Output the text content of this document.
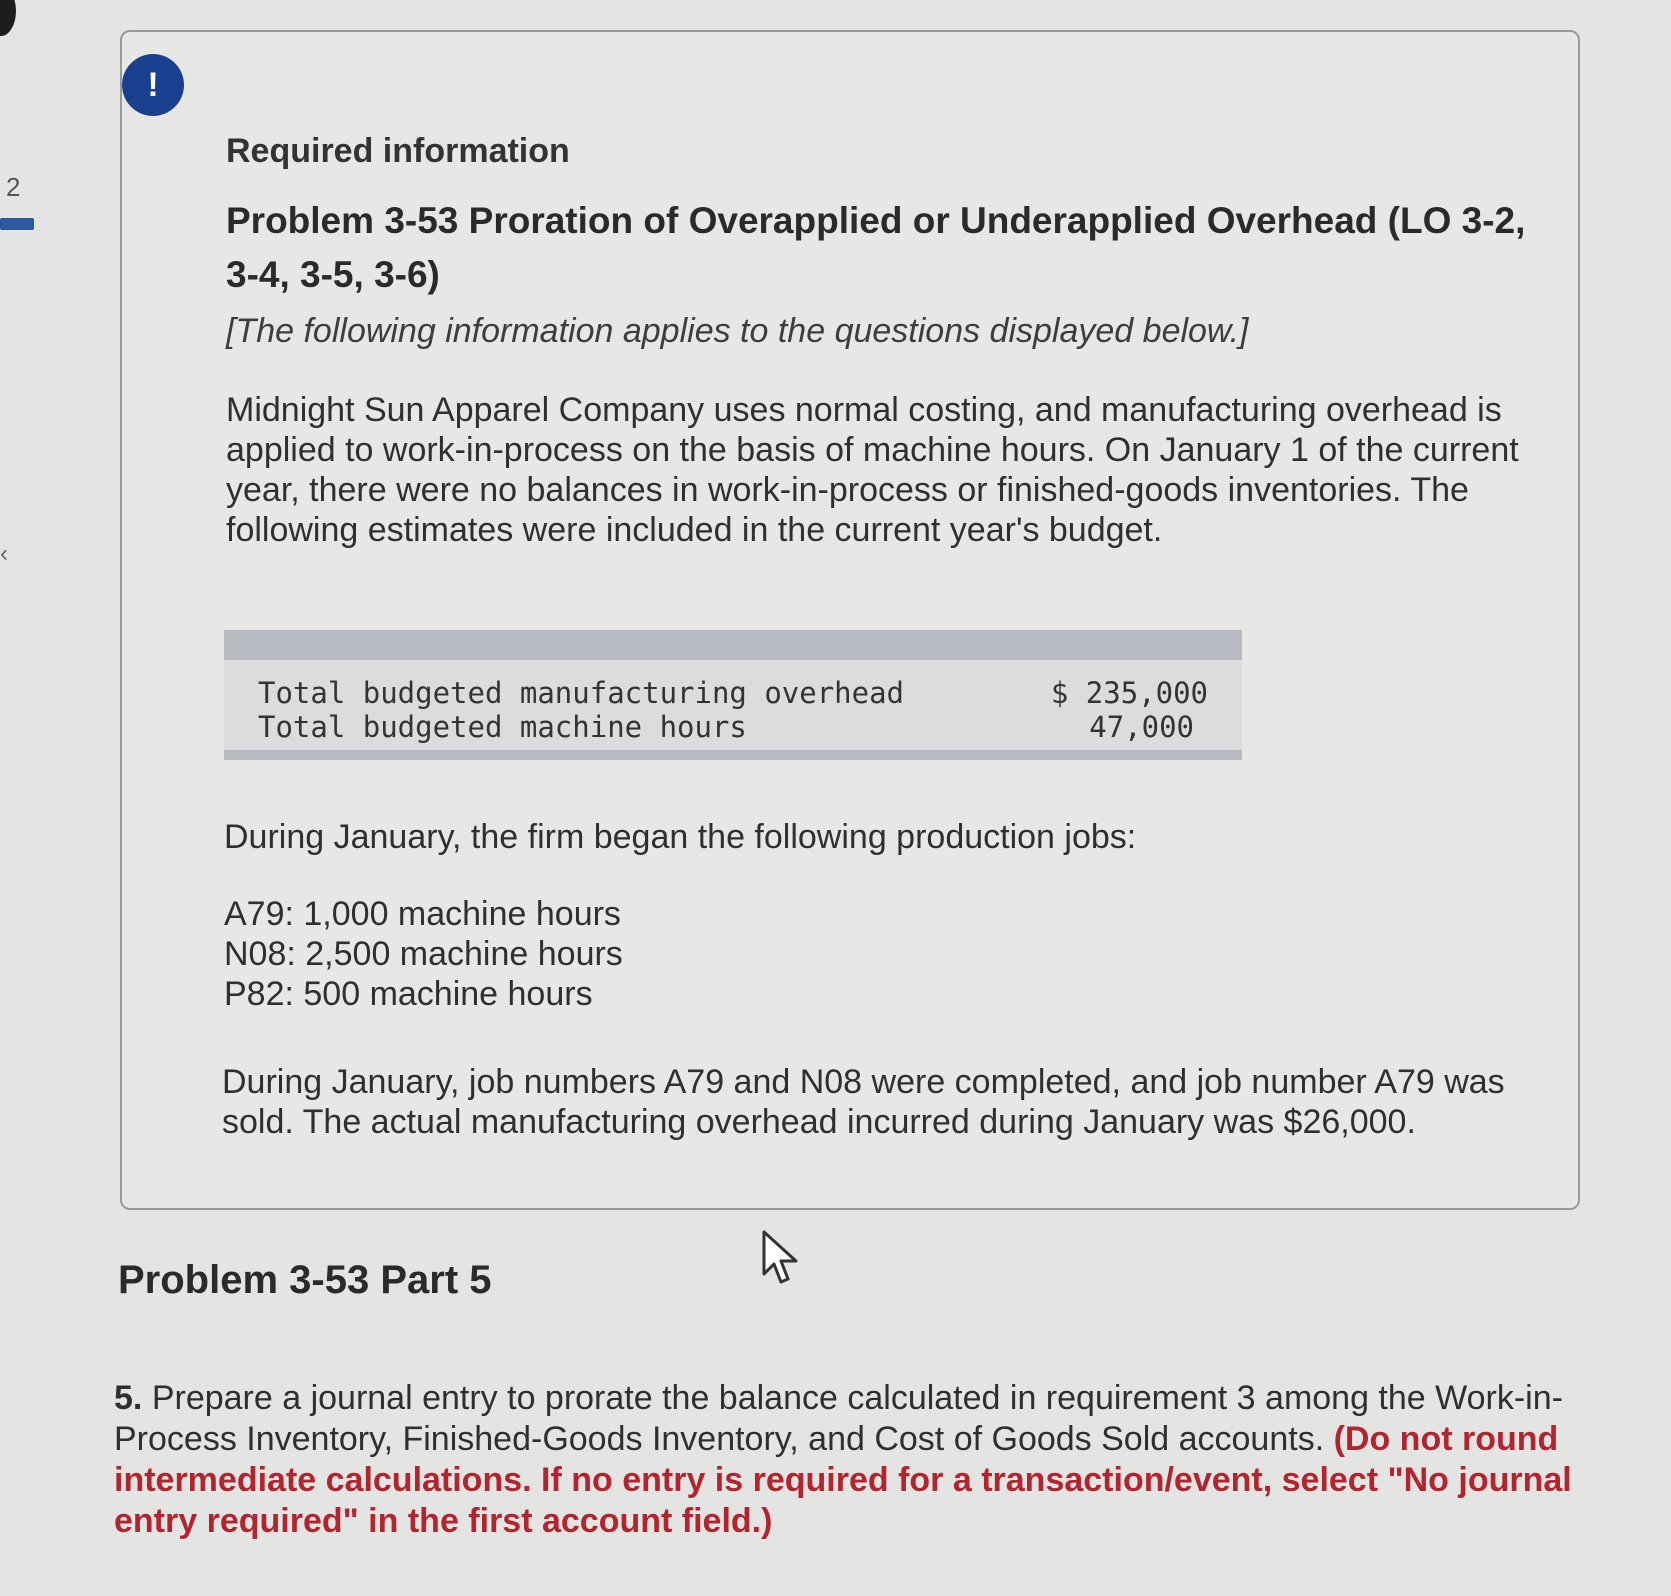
2
‹
!
Required information
Problem 3-53 Proration of Overapplied or Underapplied Overhead (LO 3-2, 3-4, 3-5, 3-6)
[The following information applies to the questions displayed below.]
Midnight Sun Apparel Company uses normal costing, and manufacturing overhead is applied to work-in-process on the basis of machine hours. On January 1 of the current year, there were no balances in work-in-process or finished-goods inventories. The following estimates were included in the current year's budget.
Total budgeted manufacturing overhead	$ 235,000
Total budgeted machine hours	47,000
During January, the firm began the following production jobs:
A79: 1,000 machine hours
N08: 2,500 machine hours
P82: 500 machine hours
During January, job numbers A79 and N08 were completed, and job number A79 was sold. The actual manufacturing overhead incurred during January was $26,000.
Problem 3-53 Part 5
5. Prepare a journal entry to prorate the balance calculated in requirement 3 among the Work-in-Process Inventory, Finished-Goods Inventory, and Cost of Goods Sold accounts. (Do not round intermediate calculations. If no entry is required for a transaction/event, select "No journal entry required" in the first account field.)
